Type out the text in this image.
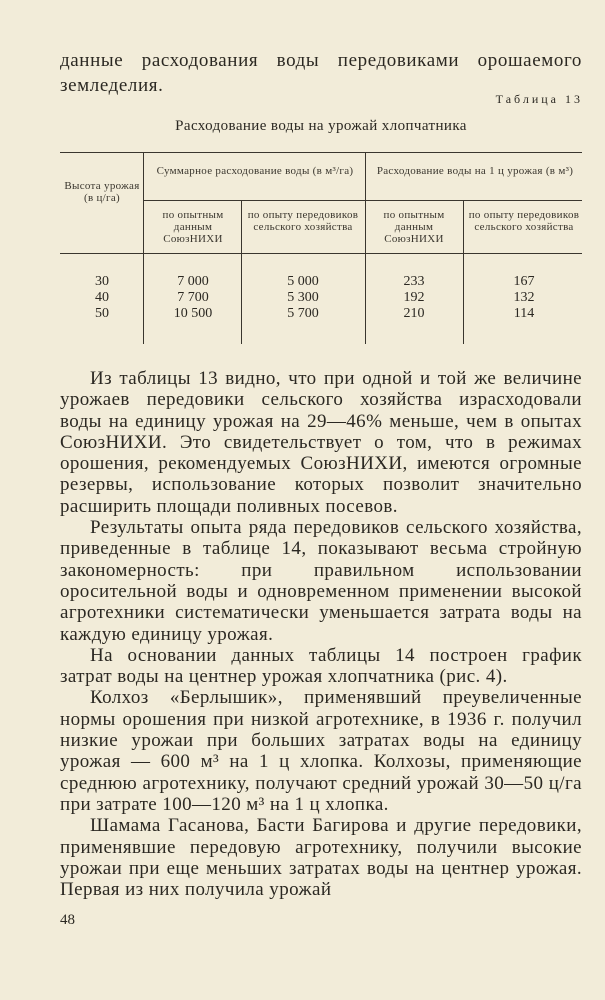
данные расходования воды передовиками орошаемого земледелия.

Таблица 13
Расходование воды на урожай хлопчатника
Высота урожая (в ц/га)
Суммарное расходование воды (в м³/га)	Расходование воды на 1 ц урожая (в м³)
по опытным данным СоюзНИХИ
по опыту передовиков сельского хозяйства
по опытным данным СоюзНИХИ
по опыту передовиков сельского хозяйства
30	7 000	5 000	233	167
40	7 700	5 300	192	132
50	10 500	5 700	210	114

Из таблицы 13 видно, что при одной и той же величине урожаев передовики сельского хозяйства израсходовали воды на единицу урожая на 29—46% меньше, чем в опытах СоюзНИХИ. Это свидетельствует о том, что в режимах орошения, рекомендуемых СоюзНИХИ, имеются огромные резервы, использование которых позволит значительно расширить площади поливных посевов.

Результаты опыта ряда передовиков сельского хозяйства, приведенные в таблице 14, показывают весьма стройную закономерность: при правильном использовании оросительной воды и одновременном применении высокой агротехники систематически уменьшается затрата воды на каждую единицу урожая.

На основании данных таблицы 14 построен график затрат воды на центнер урожая хлопчатника (рис. 4).

Колхоз «Берлышик», применявший преувеличенные нормы орошения при низкой агротехнике, в 1936 г. получил низкие урожаи при больших затратах воды на единицу урожая — 600 м³ на 1 ц хлопка. Колхозы, применяющие среднюю агротехнику, получают средний урожай 30—50 ц/га при затрате 100—120 м³ на 1 ц хлопка.

Шамама Гасанова, Басти Багирова и другие передовики, применявшие передовую агротехнику, получили высокие урожаи при еще меньших затратах воды на центнер урожая. Первая из них получила урожай

48
